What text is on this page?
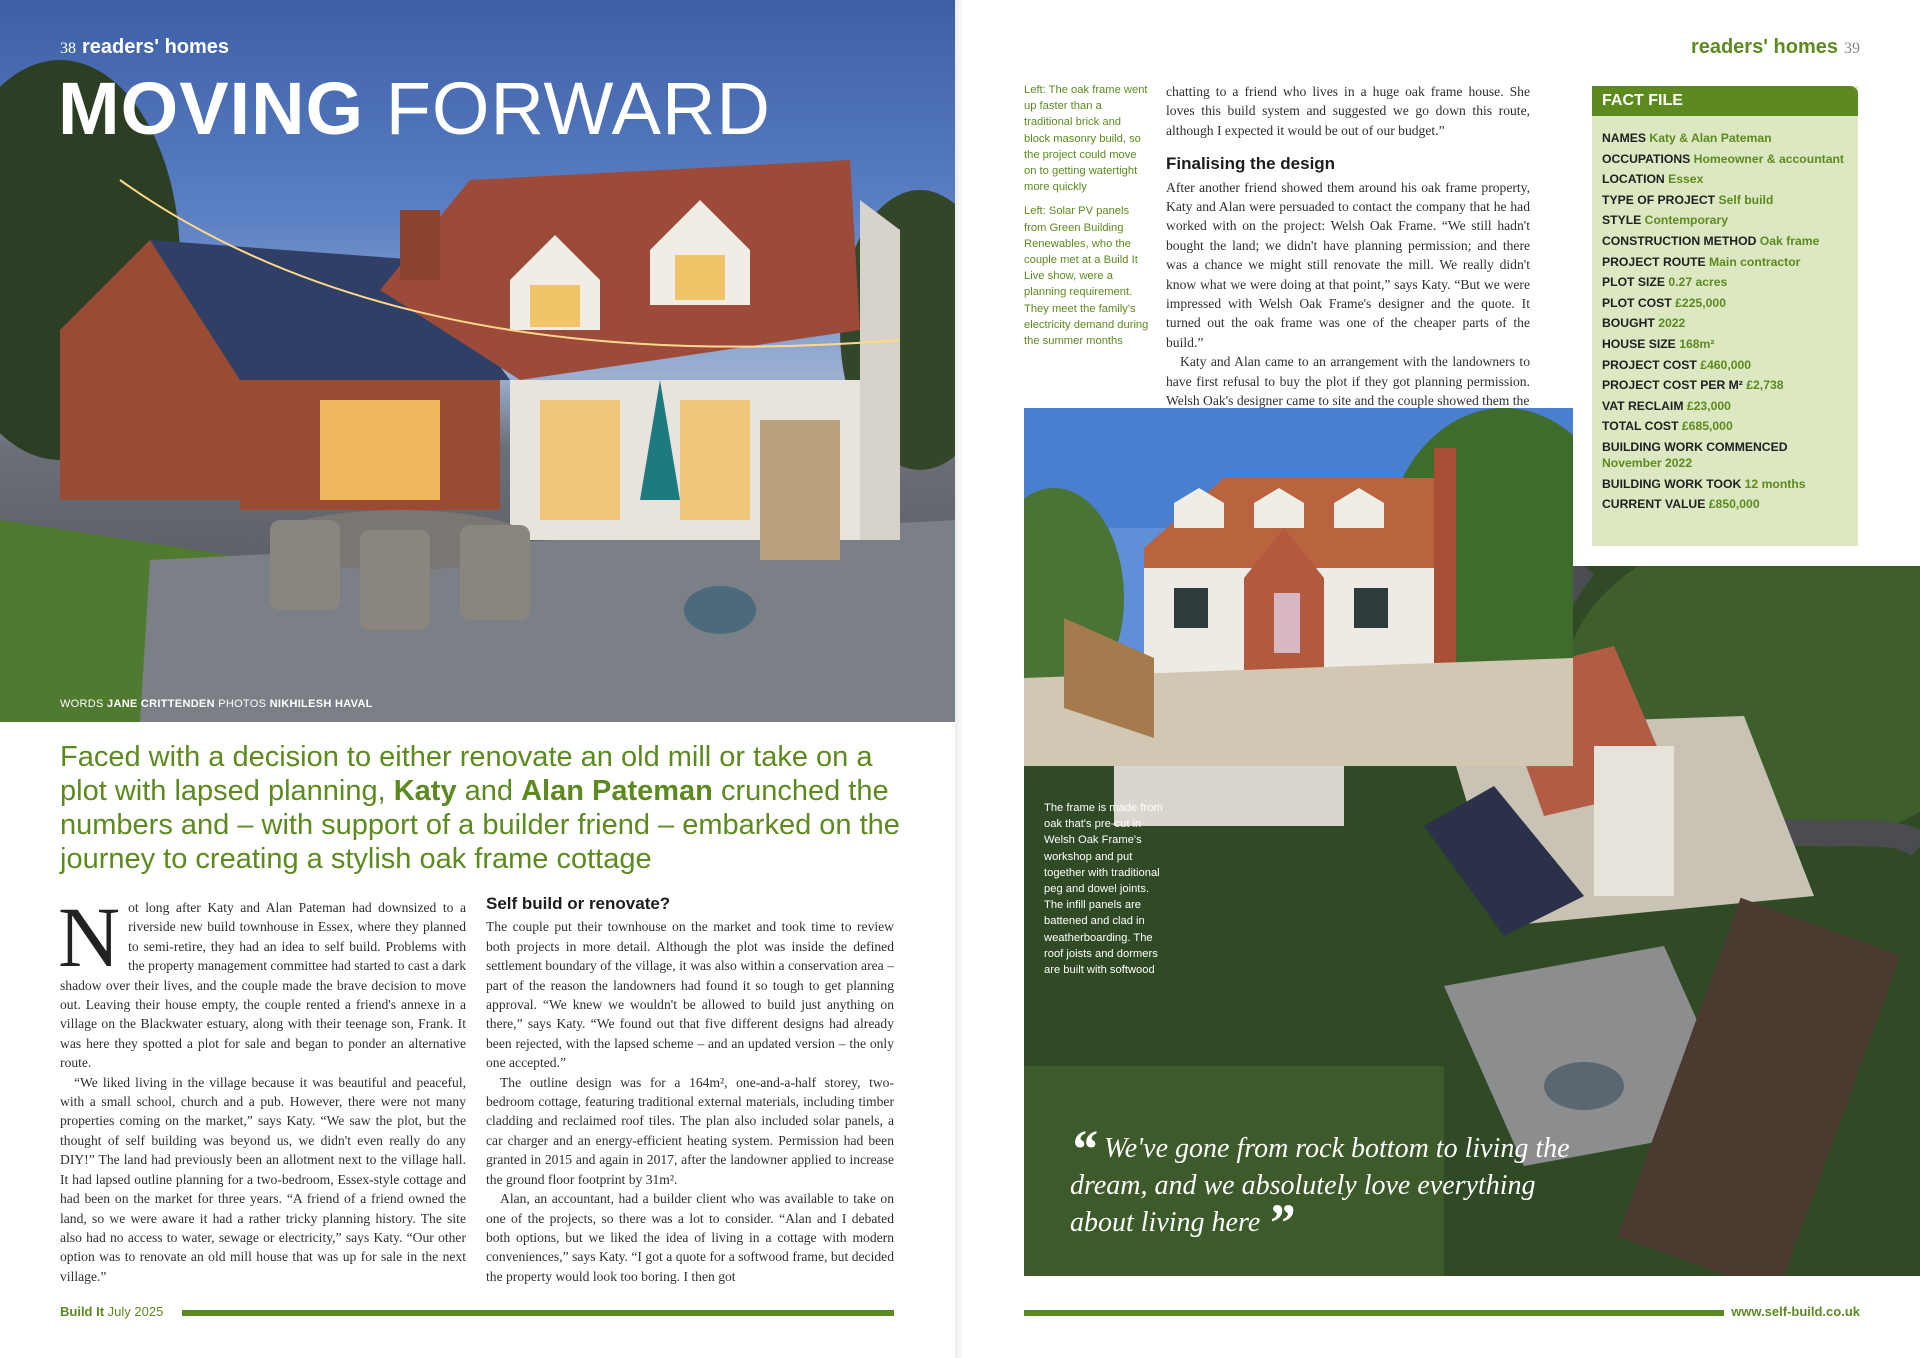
38 readers' homes
MOVING FORWARD
WORDS JANE CRITTENDEN PHOTOS NIKHILESH HAVAL
Faced with a decision to either renovate an old mill or take on a plot with lapsed planning, Katy and Alan Pateman crunched the numbers and – with support of a builder friend – embarked on the journey to creating a stylish oak frame cottage

Not long after Katy and Alan Pateman had downsized to a riverside new build townhouse in Essex, where they planned to semi-retire, they had an idea to self build. Problems with the property management committee had started to cast a dark shadow over their lives, and the couple made the brave decision to move out. Leaving their house empty, the couple rented a friend's annexe in a village on the Blackwater estuary, along with their teenage son, Frank. It was here they spotted a plot for sale and began to ponder an alternative route.

“We liked living in the village because it was beautiful and peaceful, with a small school, church and a pub. However, there were not many properties coming on the market,” says Katy. “We saw the plot, but the thought of self building was beyond us, we didn't even really do any DIY!” The land had previously been an allotment next to the village hall. It had lapsed outline planning for a two-bedroom, Essex-style cottage and had been on the market for three years. “A friend of a friend owned the land, so we were aware it had a rather tricky planning history. The site also had no access to water, sewage or electricity,” says Katy. “Our other option was to renovate an old mill house that was up for sale in the next village.”

Self build or renovate?

The couple put their townhouse on the market and took time to review both projects in more detail. Although the plot was inside the defined settlement boundary of the village, it was also within a conservation area – part of the reason the landowners had found it so tough to get planning approval. “We knew we wouldn't be allowed to build just anything on there,” says Katy. “We found out that five different designs had already been rejected, with the lapsed scheme – and an updated version – the only one accepted.”

The outline design was for a 164m², one-and-a-half storey, two-bedroom cottage, featuring traditional external materials, including timber cladding and reclaimed roof tiles. The plan also included solar panels, a car charger and an energy-efficient heating system. Permission had been granted in 2015 and again in 2017, after the landowner applied to increase the ground floor footprint by 31m².

Alan, an accountant, had a builder client who was available to take on one of the projects, so there was a lot to consider. “Alan and I debated both options, but we liked the idea of living in a cottage with modern conveniences,” says Katy. “I got a quote for a softwood frame, but decided the property would look too boring. I then got

Build It July 2025
readers' homes 39

Left: The oak frame went up faster than a traditional brick and block masonry build, so the project could move on to getting watertight more quickly

Left: Solar PV panels from Green Building Renewables, who the couple met at a Build It Live show, were a planning requirement. They meet the family's electricity demand during the summer months

chatting to a friend who lives in a huge oak frame house. She loves this build system and suggested we go down this route, although I expected it would be out of our budget.”

Finalising the design

After another friend showed them around his oak frame property, Katy and Alan were persuaded to contact the company that he had worked with on the project: Welsh Oak Frame. “We still hadn't bought the land; we didn't have planning permission; and there was a chance we might still renovate the mill. We really didn't know what we were doing at that point,” says Katy. “But we were impressed with Welsh Oak Frame's designer and the quote. It turned out the oak frame was one of the cheaper parts of the build.”

Katy and Alan came to an arrangement with the landowners to have first refusal to buy the plot if they got planning permission. Welsh Oak's designer came to site and the couple showed them the

The frame is made from oak that's pre-cut in Welsh Oak Frame's workshop and put together with traditional peg and dowel joints. The infill panels are battened and clad in weatherboarding. The roof joists and dormers are built with softwood
“ We've gone from rock bottom to living the dream, and we absolutely love everything about living here ”
FACT FILE
NAMES Katy & Alan Pateman
OCCUPATIONS Homeowner & accountant
LOCATION Essex
TYPE OF PROJECT Self build
STYLE Contemporary
CONSTRUCTION METHOD Oak frame
PROJECT ROUTE Main contractor
PLOT SIZE 0.27 acres
PLOT COST £225,000
BOUGHT 2022
HOUSE SIZE 168m²
PROJECT COST £460,000
PROJECT COST PER M² £2,738
VAT RECLAIM £23,000
TOTAL COST £685,000
BUILDING WORK COMMENCED November 2022
BUILDING WORK TOOK 12 months
CURRENT VALUE £850,000
www.self-build.co.uk
